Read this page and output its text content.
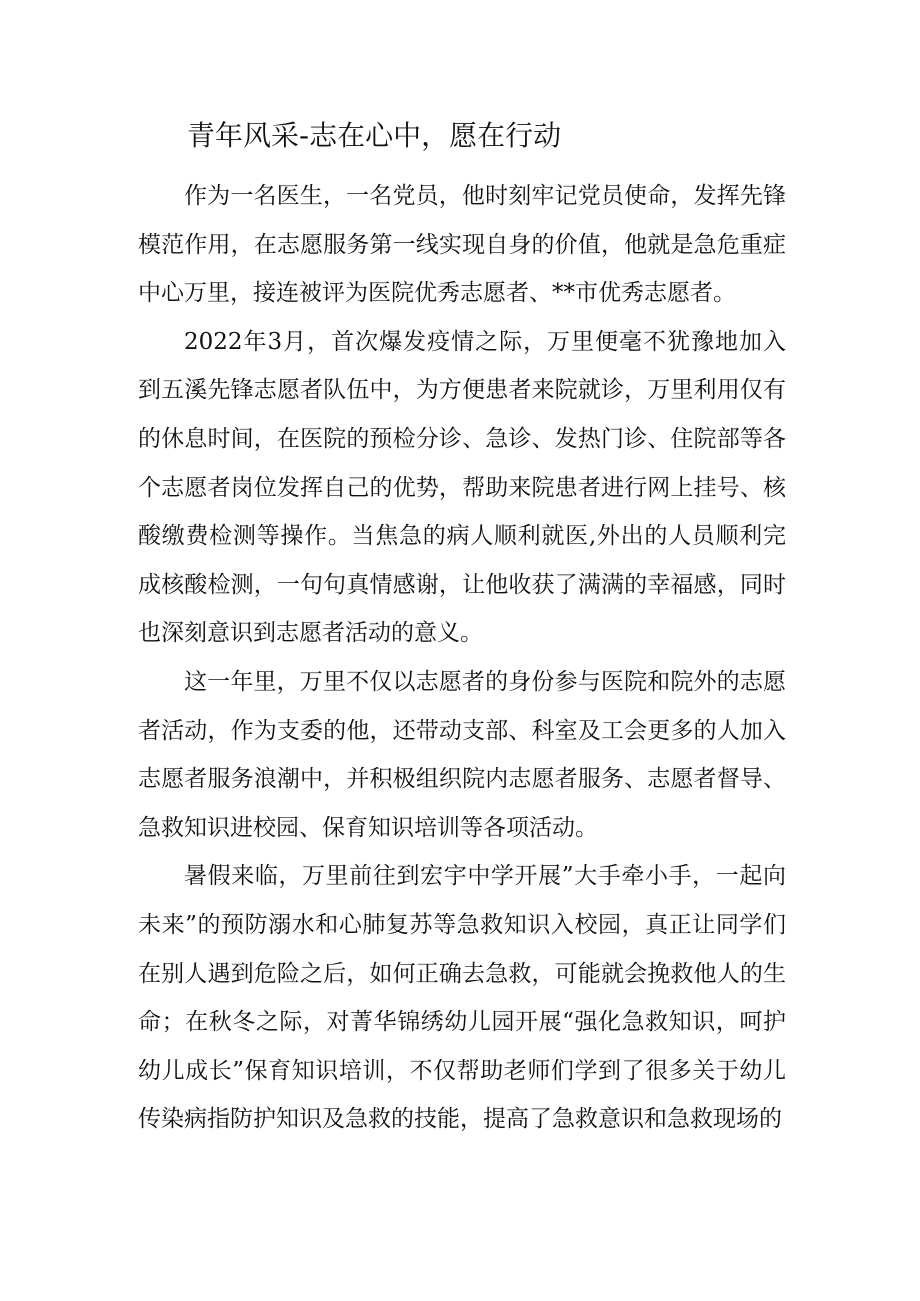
青年风采-志在心中，愿在行动

作为一名医生，一名党员，他时刻牢记党员使命，发挥先锋模范作用，在志愿服务第一线实现自身的价值，他就是急危重症中心万里，接连被评为医院优秀志愿者、**市优秀志愿者。

2022年3月，首次爆发疫情之际，万里便毫不犹豫地加入到五溪先锋志愿者队伍中，为方便患者来院就诊，万里利用仅有的休息时间，在医院的预检分诊、急诊、发热门诊、住院部等各个志愿者岗位发挥自己的优势，帮助来院患者进行网上挂号、核酸缴费检测等操作。当焦急的病人顺利就医,外出的人员顺利完成核酸检测，一句句真情感谢，让他收获了满满的幸福感，同时也深刻意识到志愿者活动的意义。

这一年里，万里不仅以志愿者的身份参与医院和院外的志愿者活动，作为支委的他，还带动支部、科室及工会更多的人加入志愿者服务浪潮中，并积极组织院内志愿者服务、志愿者督导、急救知识进校园、保育知识培训等各项活动。

暑假来临，万里前往到宏宇中学开展”大手牵小手，一起向未来”的预防溺水和心肺复苏等急救知识入校园，真正让同学们在别人遇到危险之后，如何正确去急救，可能就会挽救他人的生命；在秋冬之际，对菁华锦绣幼儿园开展“强化急救知识，呵护幼儿成长”保育知识培训，不仅帮助老师们学到了很多关于幼儿传染病指防护知识及急救的技能，提高了急救意识和急救现场的
